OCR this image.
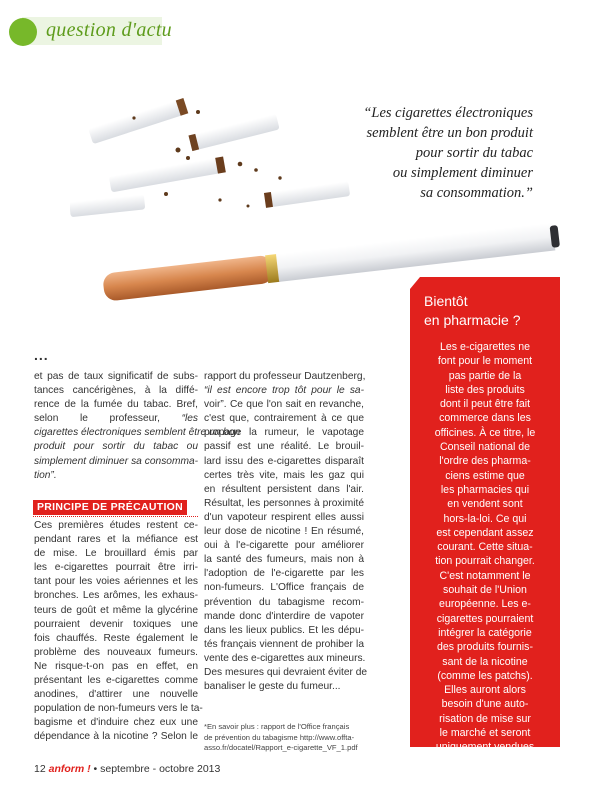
question d'actu
“Les cigarettes électroniques
semblent être un bon produit
pour sortir du tabac
ou simplement diminuer
sa consommation.”
...
et pas de taux significatif de subs-
tances cancérigènes, à la diffé-
rence de la fumée du tabac. Bref,
selon le professeur, “les
cigarettes électroniques semblent être un bon
produit pour sortir du tabac ou
simplement diminuer sa consomma-
tion”.
PRINCIPE DE PRÉCAUTION
Ces premières études restent ce-
pendant rares et la méfiance est
de mise. Le brouillard émis par
les e-cigarettes pourrait être irri-
tant pour les voies aériennes et les
bronches. Les arômes, les exhaus-
teurs de goût et même la glycérine
pourraient devenir toxiques une
fois chauffés. Reste également le
problème des nouveaux fumeurs.
Ne risque-t-on pas en effet, en
présentant les e-cigarettes comme
anodines, d'attirer une nouvelle
population de non-fumeurs vers le ta-
bagisme et d'induire chez eux une
dépendance à la nicotine ? Selon le
rapport du professeur Dautzenberg,
“il est encore trop tôt pour le sa-
voir”. Ce que l'on sait en revanche,
c'est que, contrairement à ce que
propage la rumeur, le vapotage
passif est une réalité. Le brouil-
lard issu des e-cigarettes disparaît
certes très vite, mais les gaz qui
en résultent persistent dans l'air.
Résultat, les personnes à proximité
d'un vapoteur respirent elles aussi
leur dose de nicotine ! En résumé,
oui à l'e-cigarette pour améliorer
la santé des fumeurs, mais non à
l'adoption de l'e-cigarette par les
non-fumeurs. L'Office français de
prévention du tabagisme recom-
mande donc d'interdire de vapoter
dans les lieux publics. Et les dépu-
tés français viennent de prohiber la
vente des e-cigarettes aux mineurs.
Des mesures qui devraient éviter de
banaliser le geste du fumeur...
*En savoir plus : rapport de l'Office français
de prévention du tabagisme http://www.offta-
asso.fr/docatel/Rapport_e-cigarette_VF_1.pdf
Bientôt
en pharmacie ?
Les e-cigarettes ne
font pour le moment
pas partie de la
liste des produits
dont il peut être fait
commerce dans les
officines. À ce titre, le
Conseil national de
l'ordre des pharma-
ciens estime que
les pharmacies qui
en vendent sont
hors-la-loi. Ce qui
est cependant assez
courant. Cette situa-
tion pourrait changer.
C'est notamment le
souhait de l'Union
européenne. Les e-
cigarettes pourraient
intégrer la catégorie
des produits fournis-
sant de la nicotine
(comme les patchs).
Elles auront alors
besoin d'une auto-
risation de mise sur
le marché et seront
uniquement vendues
en pharmacie.
12 anform ! • septembre - octobre 2013
